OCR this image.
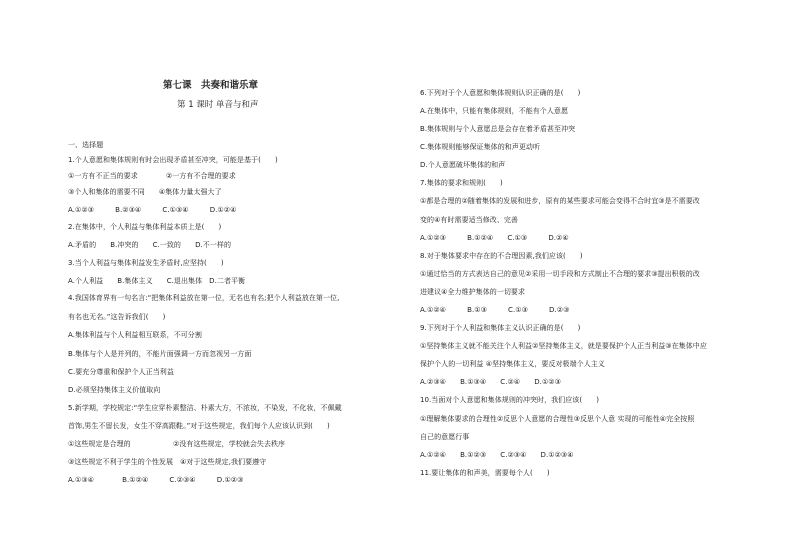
第七课　共奏和谐乐章
第 1 课时 单音与和声
一、选择题
1.个人意愿和集体规则有时会出现矛盾甚至冲突，可能是基于(　　)
①一方有不正当的要求　　　　②一方有不合理的要求
③个人和集体的需要不同　　④集体力量太强大了
A.①②③　　　B.②③④　　　C.①③④　　　D.①②④
2.在集体中，个人利益与集体利益本质上是(　　)
A.矛盾的　　B.冲突的　　C.一致的　　D.不一样的
3.当个人利益与集体利益发生矛盾时,应坚持(　　)
A.个人利益　　B.集体主义　　C.退出集体　D.二者平衡
4.我国体育界有一句名言:“把集体利益放在第一位，无名也有名;把个人利益放在第一位,
有名也无名。”这告诉我们(　　)
A.集体利益与个人利益相互联系，不可分割
B.集体与个人是并列的，不能片面强调一方而忽视另一方面
C.要充分尊重和保护个人正当利益
D.必须坚持集体主义价值取向
5.新学期，学校规定:“学生应穿朴素整洁、朴素大方，不浓妆，不染发，不化妆，不佩戴
首饰,男生不留长发，女生不穿高跟鞋。”对于这些规定，我们每个人应该认识到(　　)
①这些规定是合理的　　　　　　②没有这些规定，学校就会失去秩序
③这些规定不利于学生的个性发展　④对于这些规定,我们要遵守
A.①③④　　　　B.①②④　　　C.②③④　　　D.①②③
6.下列对于个人意愿和集体规则认识正确的是(　　)
A.在集体中，只能有集体规则，不能有个人意愿
B.集体规则与个人意愿总是会存在着矛盾甚至冲突
C.集体规则能够保证集体的和声更动听
D.个人意愿破坏集体的和声
7.集体的要求和规则(　　)
①都是合理的②随着集体的发展和进步，原有的某些要求可能会变得不合时宜③是不需要改
变的④有时需要适当修改、完善
A.①②③　　　B.①②④　　C.①③　　　D.②④
8.对于集体要求中存在的不合理因素,我们应该(　　)
①通过恰当的方式表达自己的意见②采用一切手段和方式制止不合理的要求③提出积极的改
进建议④全力维护集体的一切要求
A.①②④　　　B.①③　　　C.①③　　　D.②③
9.下列对于个人利益和集体主义认识正确的是(　　)
①坚持集体主义就不能关注个人利益②坚持集体主义，就是要保护个人正当利益③在集体中应
保护个人的一切利益 ④坚持集体主义，要反对极端个人主义
A.②③④　　B.①③④　　C.②④　　D.①②③
10.当面对个人意愿和集体规则的冲突时，我们应该(　　)
①理解集体要求的合理性②反思个人意愿的合理性③反思个人意 实现的可能性④完全按照
自己的意愿行事
A.①②④　　B.①②③　　C.②③④　　D.①②③④
11.要让集体的和声美，需要每个人(　　)
